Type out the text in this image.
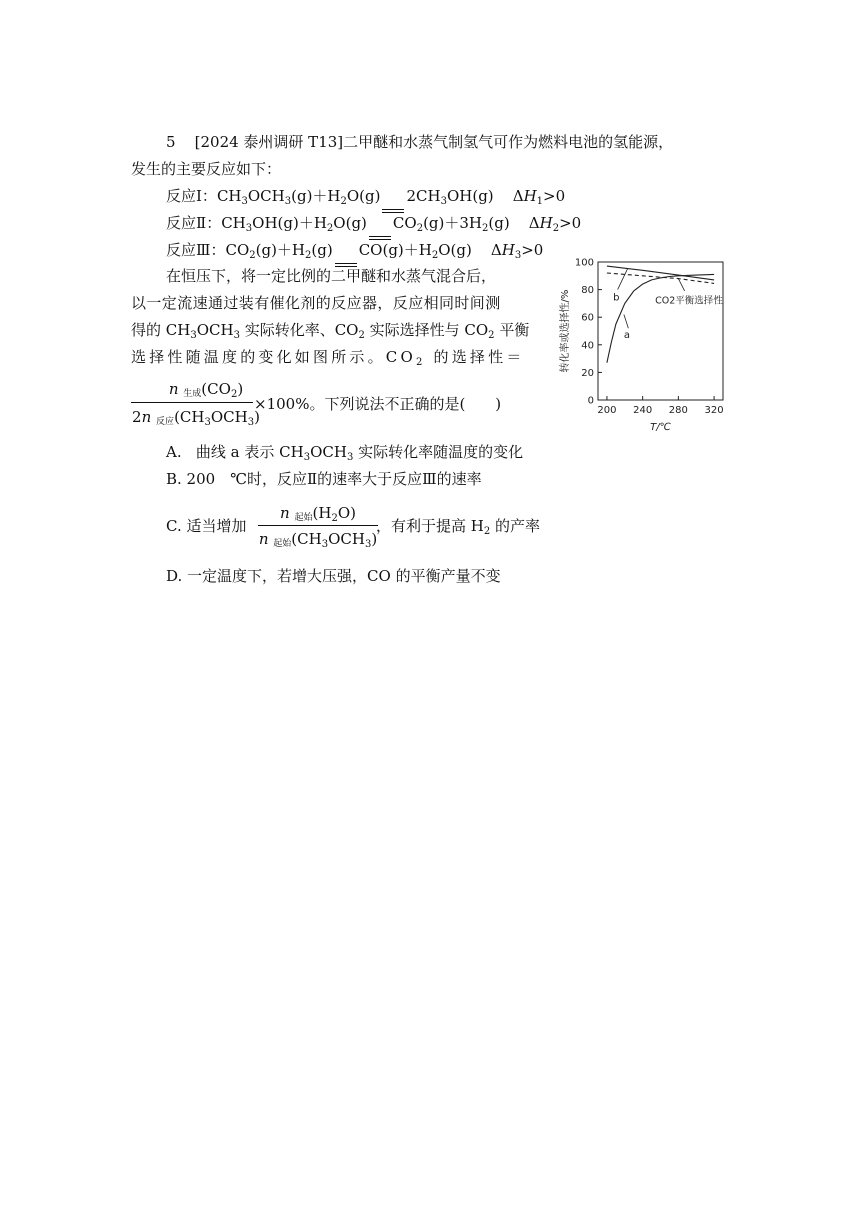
5 [2024 泰州调研 T13]二甲醚和水蒸气制氢气可作为燃料电池的氢能源，
发生的主要反应如下：
反应Ⅰ：$CH_3OCH_3(g)+H_2O(g)$ $2CH_3OH(g)$    $\Delta H_1>0$
反应Ⅱ：$CH_3OH(g)+H_2O(g)$ $CO_2(g)+3H_2(g)$    $\Delta H_2>0$
反应Ⅲ：$CO_2(g)+H_2(g)$ $CO(g)+H_2O(g)$    $\Delta H_3>0$
在恒压下，将一定比例的二甲醚和水蒸气混合后，
以一定流速通过装有催化剂的反应器，反应相同时间测
得的 $CH_3OCH_3$ 实际转化率、$CO_2$ 实际选择性与 $CO_2$ 平衡
选择性随温度的变化如图所示。$CO_2$ 的选择性＝
n 生成$(CO_2)$
2n 反应$(CH_3OCH_3)$
×100%。下列说法不正确的是(　　)
A.   曲线 a 表示 $CH_3OCH_3$ 实际转化率随温度的变化
B. 200　℃时，反应Ⅱ的速率大于反应Ⅲ的速率
C. 适当增加
n 起始$(H_2O)$
n 起始$(CH_3OCH_3)$
，有利于提高 $H_2$ 的产率
D. 一定温度下，若增大压强，CO 的平衡产量不变
0
20
40
60
80
100
200 240 280 320
T/℃
转化率或选择性/%	b
a
CO2平衡选择性
